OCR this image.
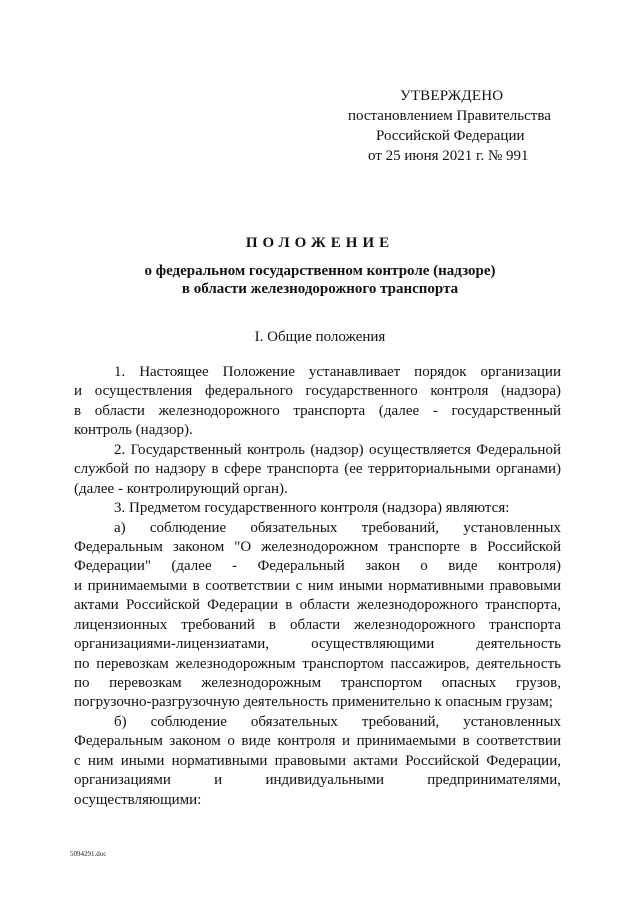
УТВЕРЖДЕНО
постановлением Правительства
Российской Федерации
от 25 июня 2021 г. № 991
ПОЛОЖЕНИЕ
о федеральном государственном контроле (надзоре)
в области железнодорожного транспорта
I. Общие положения
1. Настоящее Положение устанавливает порядок организации
и осуществления федерального государственного контроля (надзора)
в области железнодорожного транспорта (далее - государственный
контроль (надзор).
2. Государственный контроль (надзор) осуществляется Федеральной
службой по надзору в сфере транспорта (ее территориальными органами)
(далее - контролирующий орган).
3. Предметом государственного контроля (надзора) являются:
а) соблюдение обязательных требований, установленных
Федеральным законом "О железнодорожном транспорте в Российской
Федерации" (далее - Федеральный закон о виде контроля)
и принимаемыми в соответствии с ним иными нормативными правовыми
актами Российской Федерации в области железнодорожного транспорта,
лицензионных требований в области железнодорожного транспорта
организациями-лицензиатами, осуществляющими деятельность
по перевозкам железнодорожным транспортом пассажиров, деятельность
по перевозкам железнодорожным транспортом опасных грузов,
погрузочно-разгрузочную деятельность применительно к опасным грузам;
б) соблюдение обязательных требований, установленных
Федеральным законом о виде контроля и принимаемыми в соответствии
с ним иными нормативными правовыми актами Российской Федерации,
организациями и индивидуальными предпринимателями,
осуществляющими:
5094291.doc
